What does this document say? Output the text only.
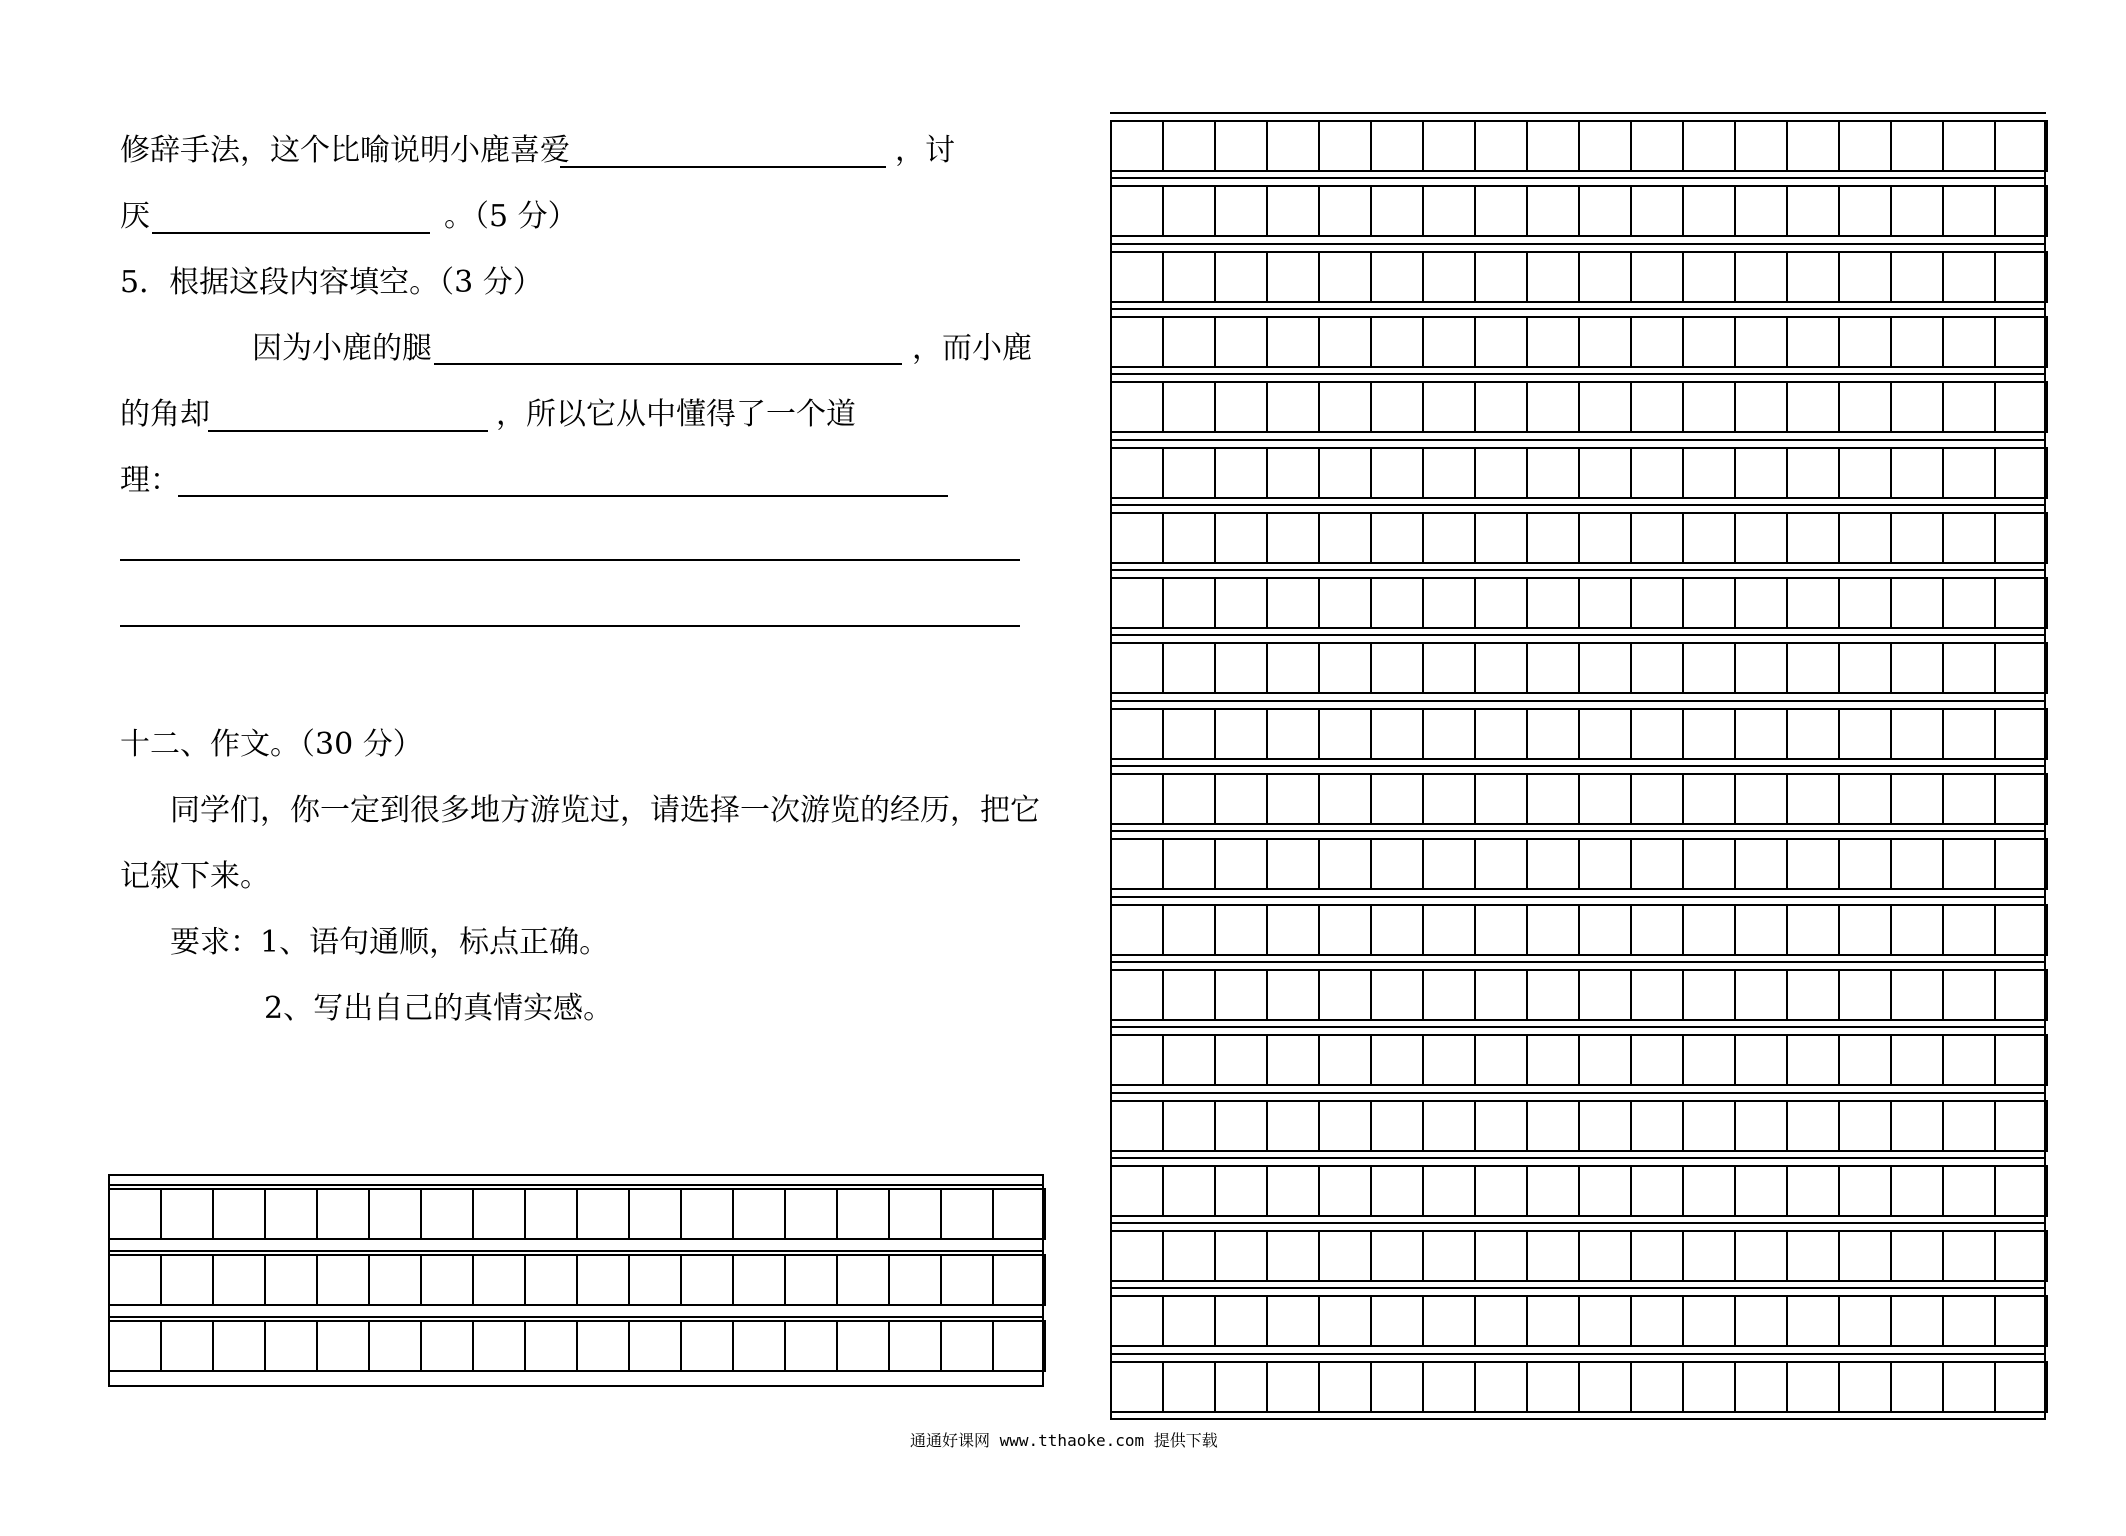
修辞手法，这个比喻说明小鹿喜爱	，讨
厌	。（5 分）
5．根据这段内容填空。（3 分）
因为小鹿的腿	，而小鹿
的角却	，所以它从中懂得了一个道
理：
十二、作文。（30 分）
同学们，你一定到很多地方游览过，请选择一次游览的经历，把它
记叙下来。
要求：1、语句通顺，标点正确。
2、写出自己的真情实感。
通通好课网 www.tthaoke.com 提供下载
